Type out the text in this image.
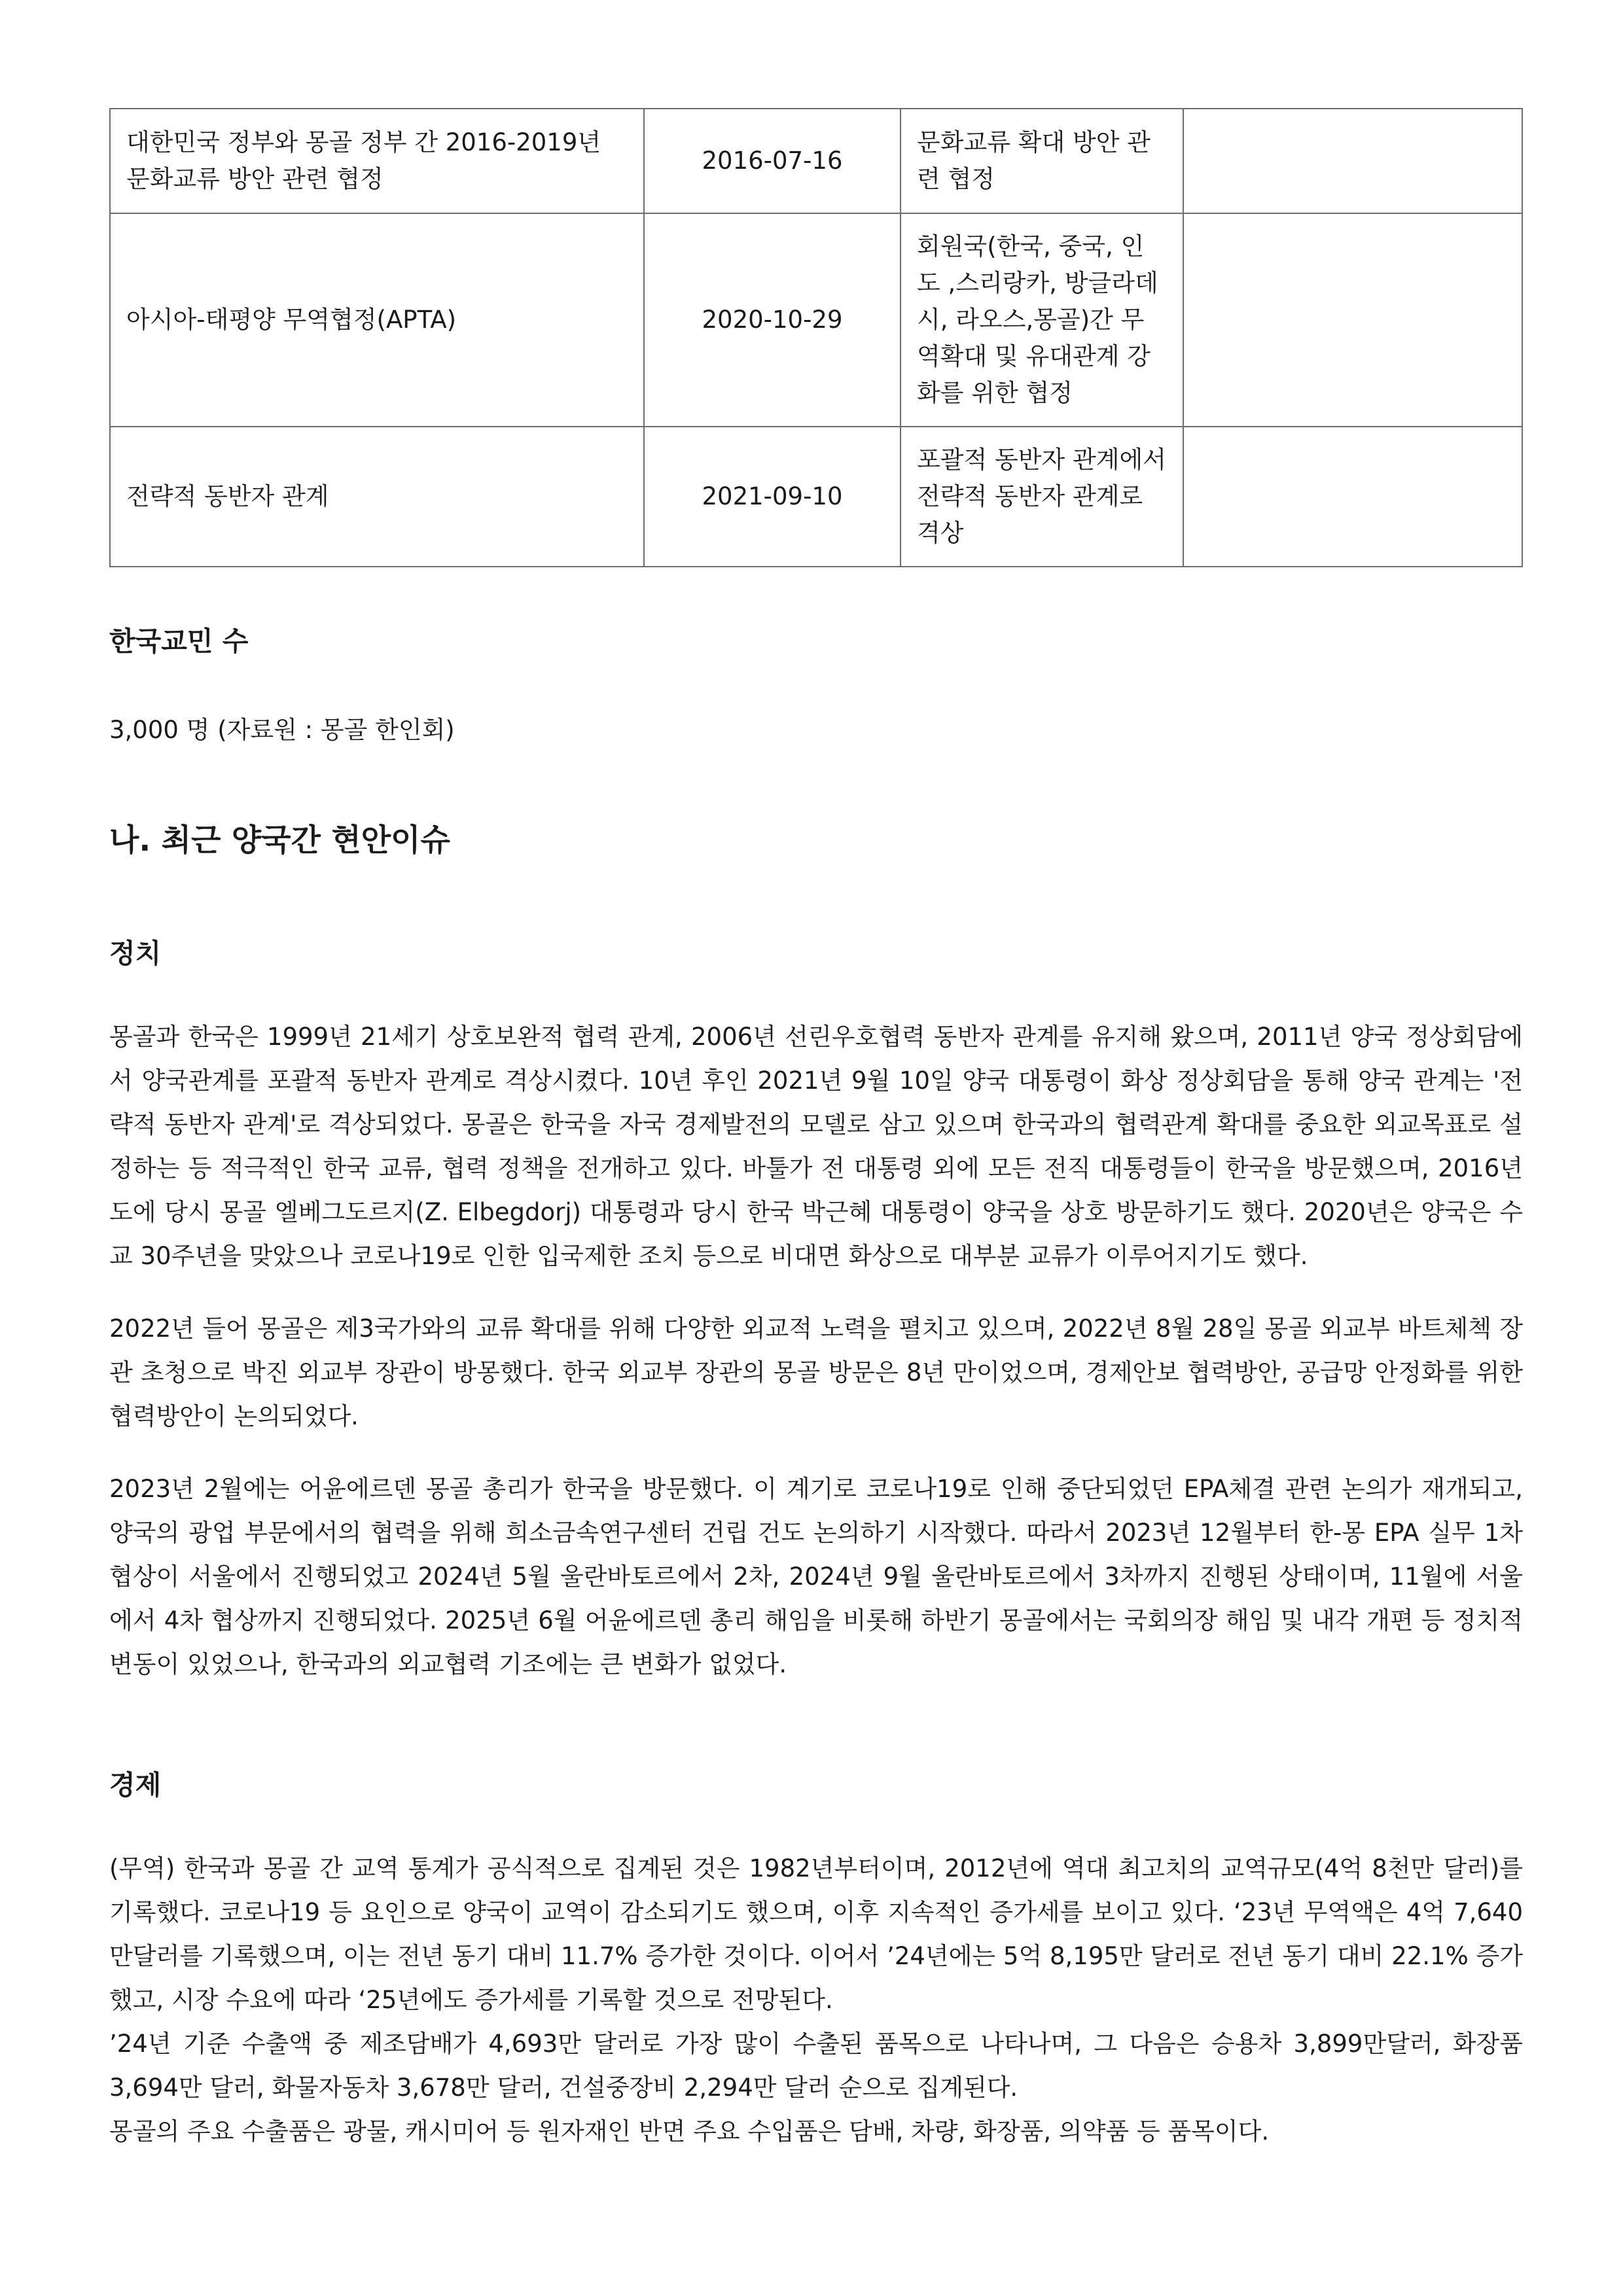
대한민국 정부와 몽골 정부 간 2016-2019년 문화교류 방안 관련 협정	2016-07-16	문화교류 확대 방안 관련 협정	
아시아-태평양 무역협정(APTA)	2020-10-29	회원국(한국, 중국, 인도 ,스리랑카, 방글라데시, 라오스,몽골)간 무역확대 및 유대관계 강화를 위한 협정	
전략적 동반자 관계	2021-09-10	포괄적 동반자 관계에서 전략적 동반자 관계로 격상	
한국교민 수

3,000 명 (자료원 : 몽골 한인회)

나. 최근 양국간 현안이슈
정치

몽골과 한국은 1999년 21세기 상호보완적 협력 관계, 2006년 선린우호협력 동반자 관계를 유지해 왔으며, 2011년 양국 정상회담에서 양국관계를 포괄적 동반자 관계로 격상시켰다. 10년 후인 2021년 9월 10일 양국 대통령이 화상 정상회담을 통해 양국 관계는 '전략적 동반자 관계'로 격상되었다. 몽골은 한국을 자국 경제발전의 모델로 삼고 있으며 한국과의 협력관계 확대를 중요한 외교목표로 설정하는 등 적극적인 한국 교류, 협력 정책을 전개하고 있다. 바툴가 전 대통령 외에 모든 전직 대통령들이 한국을 방문했으며, 2016년도에 당시 몽골 엘베그도르지(Z. Elbegdorj) 대통령과 당시 한국 박근혜 대통령이 양국을 상호 방문하기도 했다. 2020년은 양국은 수교 30주년을 맞았으나 코로나19로 인한 입국제한 조치 등으로 비대면 화상으로 대부분 교류가 이루어지기도 했다.

2022년 들어 몽골은 제3국가와의 교류 확대를 위해 다양한 외교적 노력을 펼치고 있으며, 2022년 8월 28일 몽골 외교부 바트체첵 장관 초청으로 박진 외교부 장관이 방몽했다. 한국 외교부 장관의 몽골 방문은 8년 만이었으며, 경제안보 협력방안, 공급망 안정화를 위한 협력방안이 논의되었다.

2023년 2월에는 어윤에르덴 몽골 총리가 한국을 방문했다. 이 계기로 코로나19로 인해 중단되었던 EPA체결 관련 논의가 재개되고, 양국의 광업 부문에서의 협력을 위해 희소금속연구센터 건립 건도 논의하기 시작했다. 따라서 2023년 12월부터 한-몽 EPA 실무 1차 협상이 서울에서 진행되었고 2024년 5월 울란바토르에서 2차, 2024년 9월 울란바토르에서 3차까지 진행된 상태이며, 11월에 서울에서 4차 협상까지 진행되었다. 2025년 6월 어윤에르덴 총리 해임을 비롯해 하반기 몽골에서는 국회의장 해임 및 내각 개편 등 정치적 변동이 있었으나, 한국과의 외교협력 기조에는 큰 변화가 없었다.

경제

(무역) 한국과 몽골 간 교역 통계가 공식적으로 집계된 것은 1982년부터이며, 2012년에 역대 최고치의 교역규모(4억 8천만 달러)를 기록했다. 코로나19 등 요인으로 양국이 교역이 감소되기도 했으며, 이후 지속적인 증가세를 보이고 있다. ‘23년 무역액은 4억 7,640만달러를 기록했으며, 이는 전년 동기 대비 11.7% 증가한 것이다. 이어서 ’24년에는 5억 8,195만 달러로 전년 동기 대비 22.1% 증가했고, 시장 수요에 따라 ‘25년에도 증가세를 기록할 것으로 전망된다.

’24년 기준 수출액 중 제조담배가 4,693만 달러로 가장 많이 수출된 품목으로 나타나며, 그 다음은 승용차 3,899만달러, 화장품 3,694만 달러, 화물자동차 3,678만 달러, 건설중장비 2,294만 달러 순으로 집계된다.

몽골의 주요 수출품은 광물, 캐시미어 등 원자재인 반면 주요 수입품은 담배, 차량, 화장품, 의약품 등 품목이다.
